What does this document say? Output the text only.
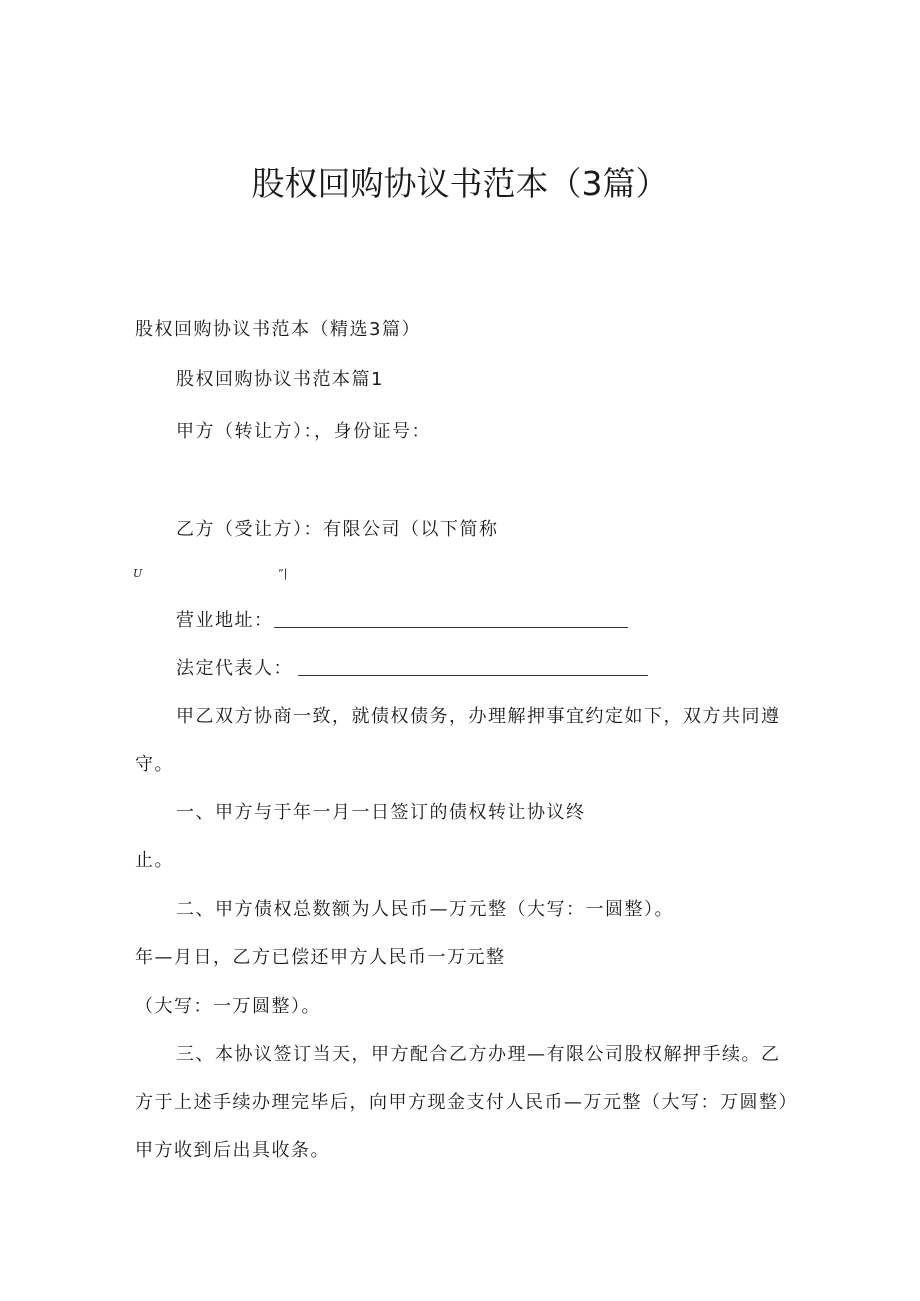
股权回购协议书范本（3篇）
股权回购协议书范本（精选3篇）
股权回购协议书范本篇1
甲方（转让方）：，身份证号：
乙方（受让方）：有限公司（以下简称
U	”|
营业地址：
法定代表人：
甲乙双方协商一致，就债权债务，办理解押事宜约定如下，双方共同遵
守。
一、甲方与于年一月一日签订的债权转让协议终
止。
二、甲方债权总数额为人民币—万元整（大写：一圆整）。
年—月日，乙方已偿还甲方人民币一万元整
（大写：一万圆整）。
三、本协议签订当天，甲方配合乙方办理—有限公司股权解押手续。乙
方于上述手续办理完毕后，向甲方现金支付人民币—万元整（大写：万圆整）
甲方收到后出具收条。
